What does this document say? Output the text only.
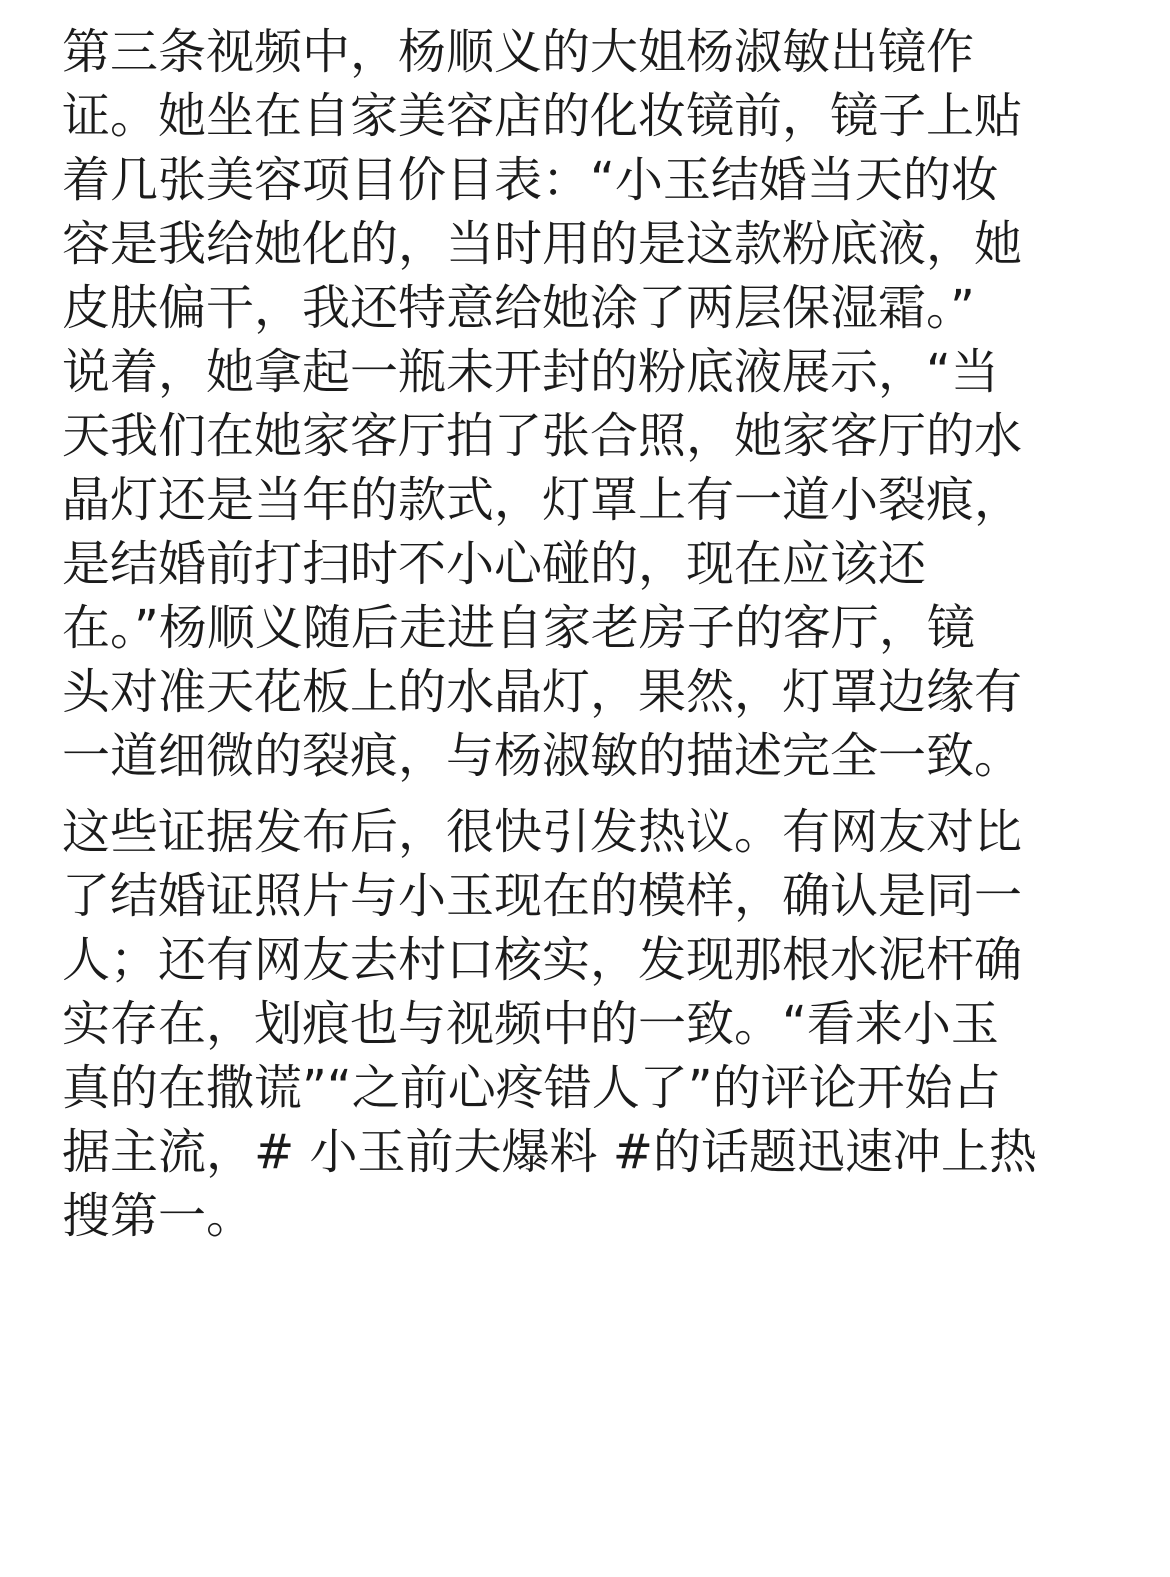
第三条视频中，杨顺义的大姐杨淑敏出镜作
证。她坐在自家美容店的化妆镜前，镜子上贴
着几张美容项目价目表：“小玉结婚当天的妆
容是我给她化的，当时用的是这款粉底液，她
皮肤偏干，我还特意给她涂了两层保湿霜。”
说着，她拿起一瓶未开封的粉底液展示，“当
天我们在她家客厅拍了张合照，她家客厅的水
晶灯还是当年的款式，灯罩上有一道小裂痕，
是结婚前打扫时不小心碰的，现在应该还
在。”杨顺义随后走进自家老房子的客厅，镜
头对准天花板上的水晶灯，果然，灯罩边缘有
一道细微的裂痕，与杨淑敏的描述完全一致。
这些证据发布后，很快引发热议。有网友对比
了结婚证照片与小玉现在的模样，确认是同一
人；还有网友去村口核实，发现那根水泥杆确
实存在，划痕也与视频中的一致。“看来小玉
真的在撒谎”“之前心疼错人了”的评论开始占
据主流，# 小玉前夫爆料 #的话题迅速冲上热
搜第一。
